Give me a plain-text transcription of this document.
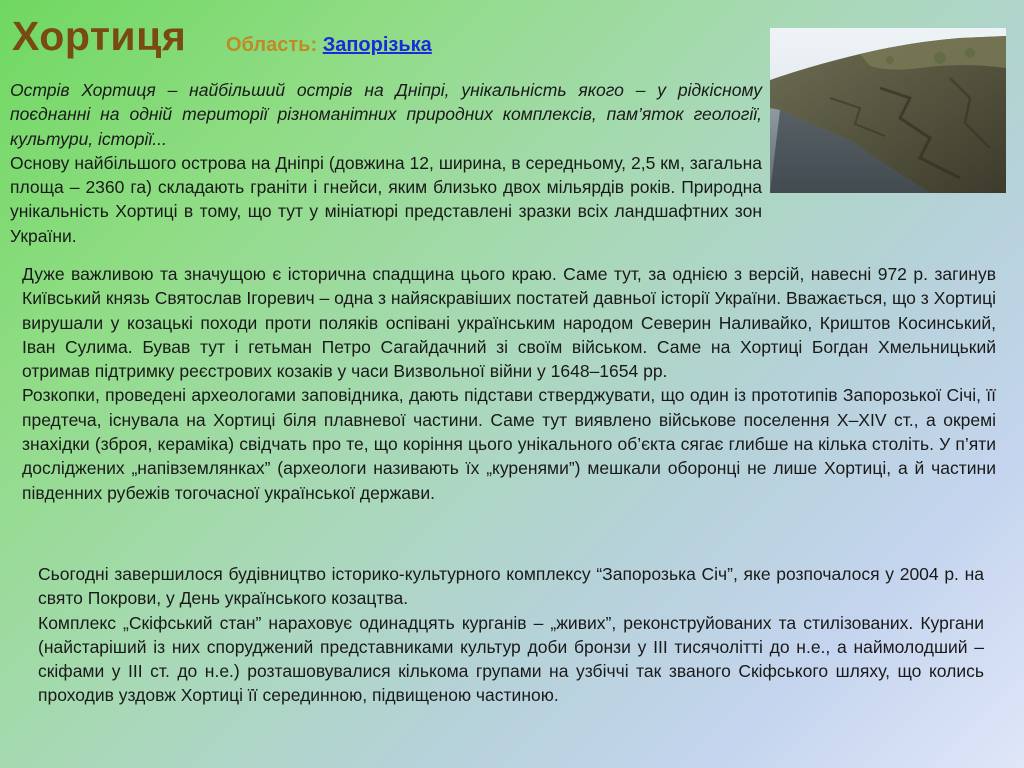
Хортиця Область: Запорізька

Острів Хортиця – найбільший острів на Дніпрі, унікальність якого – у рідкісному поєднанні на одній території різноманітних природних комплексів, пам’яток геології, культури, історії...

Основу найбільшого острова на Дніпрі (довжина 12, ширина, в середньому, 2,5 км, загальна площа – 2360 га) складають граніти і гнейси, яким близько двох мільярдів років. Природна унікальність Хортиці в тому, що тут у мініатюрі представлені зразки всіх ландшафтних зон України.

Дуже важливою та значущою є історична спадщина цього краю. Саме тут, за однією з версій, навесні 972 р. загинув Київський князь Святослав Ігоревич – одна з найяскравіших постатей давньої історії України. Вважається, що з Хортиці вирушали у козацькі походи проти поляків оспівані українським народом Северин Наливайко, Криштов Косинський, Іван Сулима. Бував тут і гетьман Петро Сагайдачний зі своїм військом. Саме на Хортиці Богдан Хмельницький отримав підтримку реєстрових козаків у часи Визвольної війни у 1648–1654 рр.

Розкопки, проведені археологами заповідника, дають підстави стверджувати, що один із прототипів Запорозької Січі, її предтеча, існувала на Хортиці біля плавневої частини. Саме тут виявлено військове поселення X–XIV ст., а окремі знахідки (зброя, кераміка) свідчать про те, що коріння цього унікального об’єкта сягає глибше на кілька століть. У п’яти досліджених „напівземлянках” (археологи називають їх „куренями”) мешкали оборонці не лише Хортиці, а й частини південних рубежів тогочасної української держави.

Сьогодні завершилося будівництво історико-культурного комплексу “Запорозька Січ”, яке розпочалося у 2004 р. на свято Покрови, у День українського козацтва.

Комплекс „Скіфський стан” нараховує одинадцять курганів – „живих”, реконструйованих та стилізованих. Кургани (найстаріший із них споруджений представниками культур доби бронзи у III тисячолітті до н.е., а наймолодший – скіфами у III ст. до н.е.) розташовувалися кількома групами на узбіччі так званого Скіфського шляху, що колись проходив уздовж Хортиці її серединною, підвищеною частиною.
